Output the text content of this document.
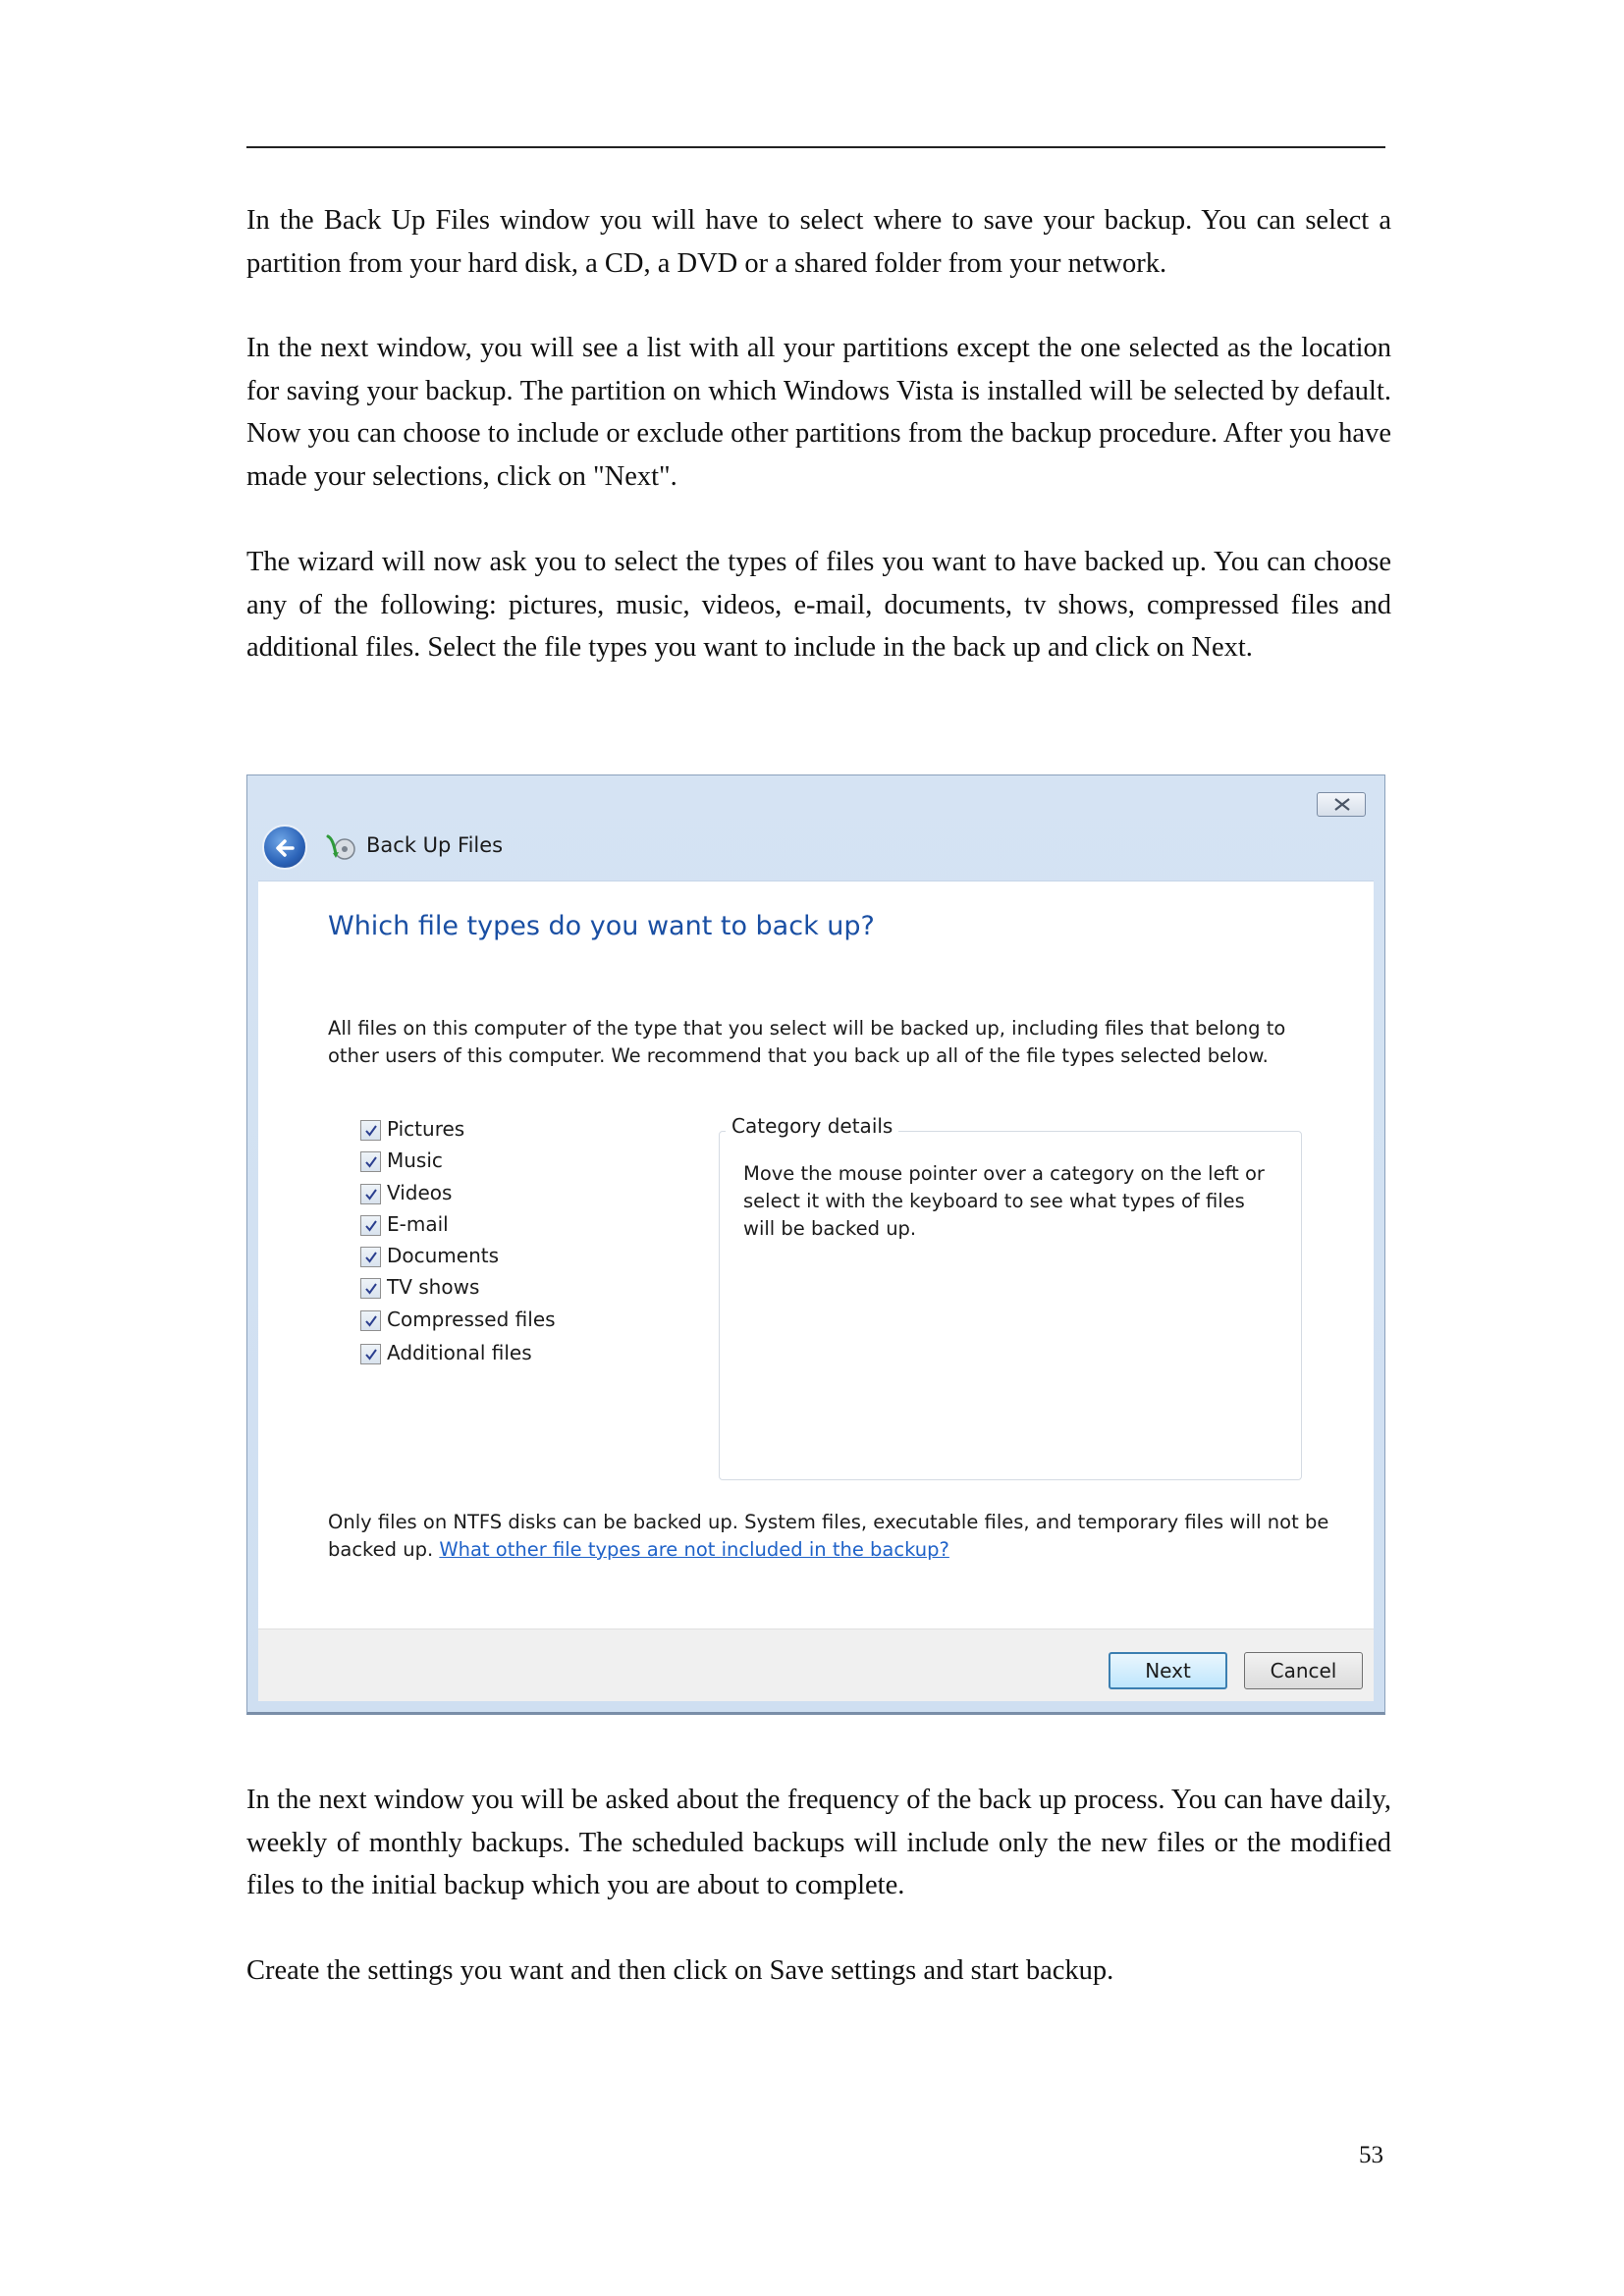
In the Back Up Files window you will have to select where to save your backup. You can select a partition from your hard disk, a CD, a DVD or a shared folder from your network.

In the next window, you will see a list with all your partitions except the one selected as the location for saving your backup. The partition on which Windows Vista is installed will be selected by default. Now you can choose to include or exclude other partitions from the backup procedure. After you have made your selections, click on "Next".

The wizard will now ask you to select the types of files you want to have backed up. You can choose any of the following: pictures, music, videos, e-mail, documents, tv shows, compressed files and additional files. Select the file types you want to include in the back up and click on Next.

Back Up Files
Which file types do you want to back up?
All files on this computer of the type that you select will be backed up, including files that belong to other users of this computer. We recommend that you back up all of the file types selected below.
Pictures
Music
Videos
E-mail
Documents
TV shows
Compressed files
Additional files
Category details
Move the mouse pointer over a category on the left or select it with the keyboard to see what types of files will be backed up.
Only files on NTFS disks can be backed up. System files, executable files, and temporary files will not be backed up. What other file types are not included in the backup?
Next	Cancel

In the next window you will be asked about the frequency of the back up process. You can have daily, weekly of monthly backups. The scheduled backups will include only the new files or the modified files to the initial backup which you are about to complete.

Create the settings you want and then click on Save settings and start backup.

53
